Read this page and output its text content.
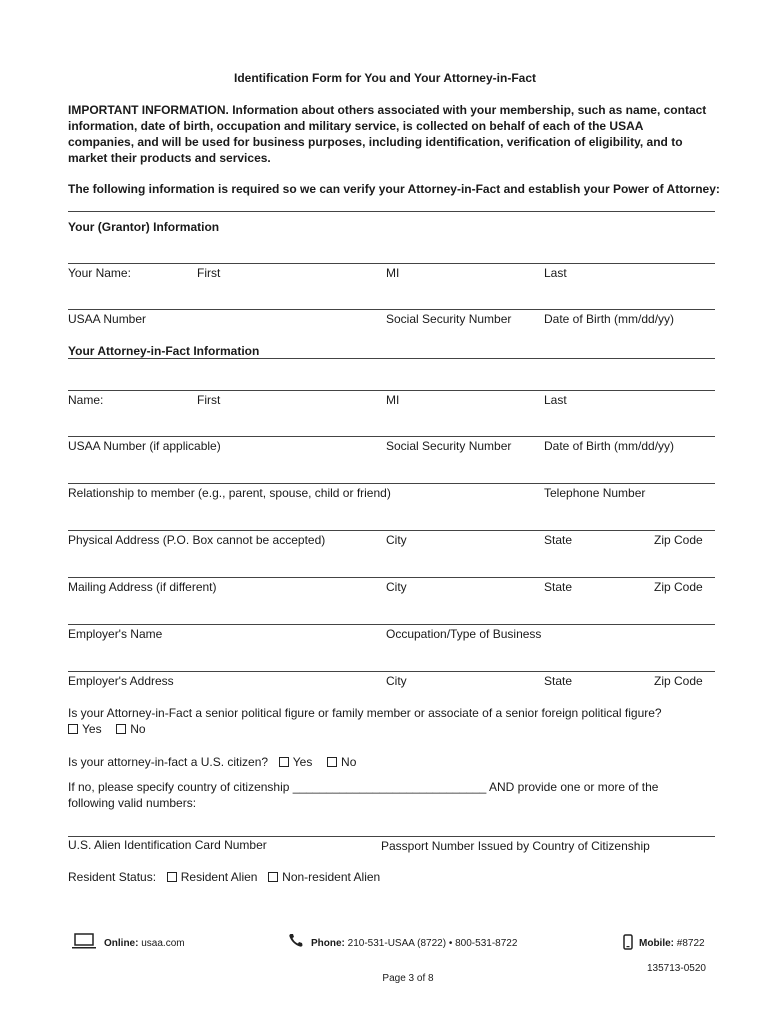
Identification Form for You and Your Attorney-in-Fact
IMPORTANT INFORMATION. Information about others associated with your membership, such as name, contact information, date of birth, occupation and military service, is collected on behalf of each of the USAA companies, and will be used for business purposes, including identification, verification of eligibility, and to market their products and services.
The following information is required so we can verify your Attorney-in-Fact and establish your Power of Attorney:
Your (Grantor) Information
Your Name:	First	MI	Last
USAA Number	Social Security Number	Date of Birth (mm/dd/yy)
Your Attorney-in-Fact Information
Name:	First	MI	Last
USAA Number (if applicable)	Social Security Number	Date of Birth (mm/dd/yy)
Relationship to member (e.g., parent, spouse, child or friend)	Telephone Number
Physical Address (P.O. Box cannot be accepted)	City	State	Zip Code
Mailing Address (if different)	City	State	Zip Code
Employer's Name	Occupation/Type of Business
Employer's Address	City	State	Zip Code
Is your Attorney-in-Fact a senior political figure or family member or associate of a senior foreign political figure?
Yes No
Is your attorney-in-fact a U.S. citizen? Yes No
If no, please specify country of citizenship _____________________________ AND provide one or more of the
following valid numbers:
U.S. Alien Identification Card Number	Passport Number Issued by Country of Citizenship
Resident Status: Resident Alien Non-resident Alien
Online: usaa.com	Phone: 210-531-USAA (8722) • 800-531-8722	Mobile: #8722
135713-0520
Page 3 of 8
